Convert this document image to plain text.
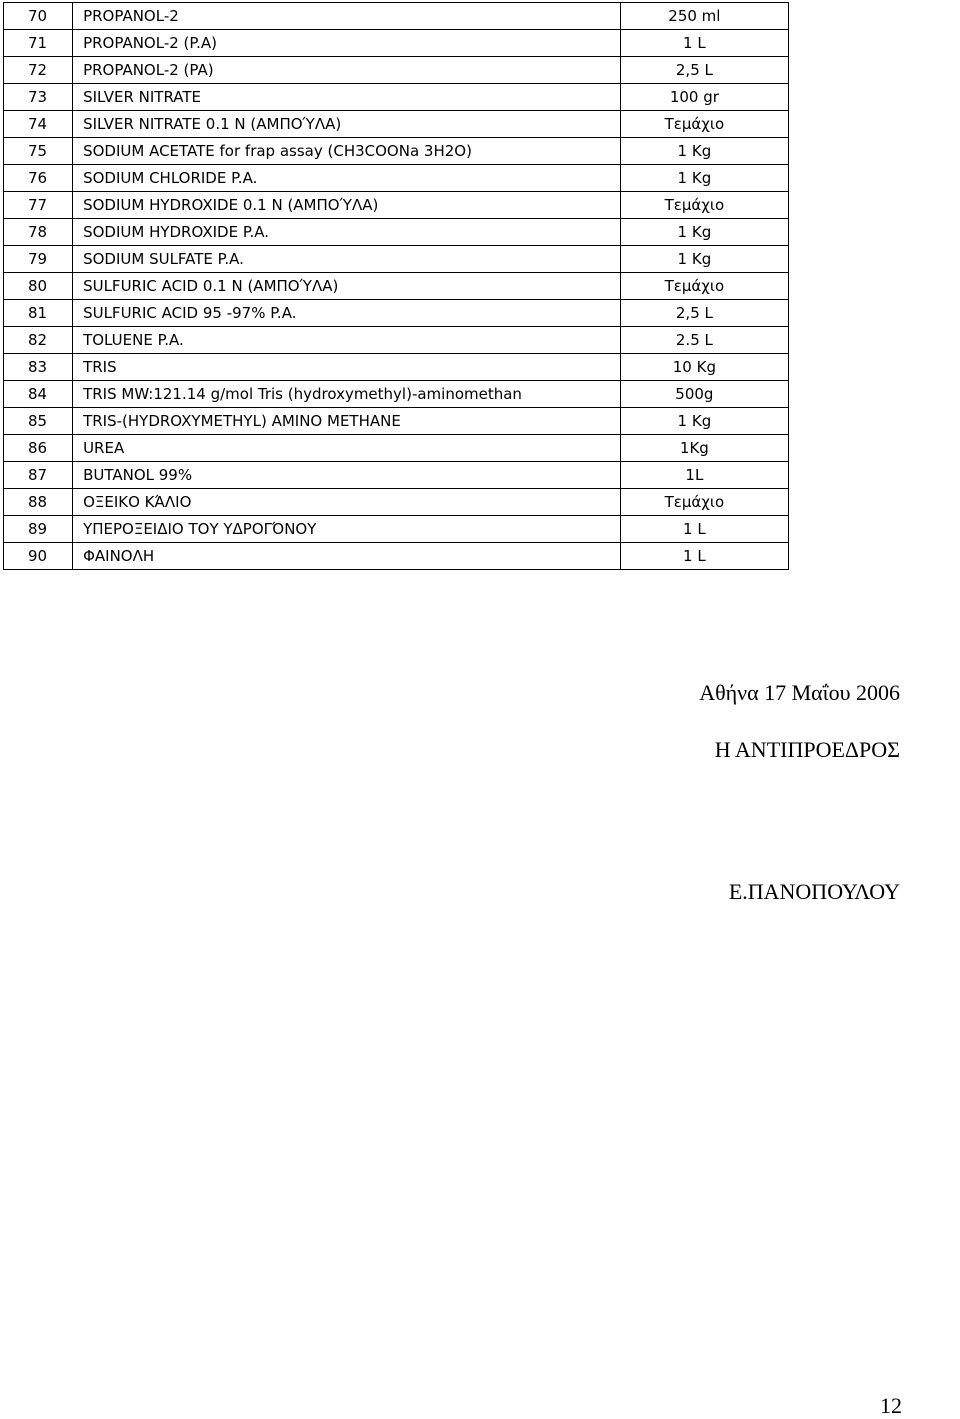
70	PROPANOL-2	250 ml
71	PROPANOL-2 (P.A)	1 L
72	PROPANOL-2 (PA)	2,5 L
73	SILVER NITRATE	100 gr
74	SILVER NITRATE 0.1 N (ΑΜΠΟΎΛΑ)	Τεμάχιο
75	SODIUM ACETATE for frap assay (CH3COONa 3H2O)	1 Kg
76	SODIUM CHLORIDE P.A.	1 Kg
77	SODIUM HYDROXIDE 0.1 N (ΑΜΠΟΎΛΑ)	Τεμάχιο
78	SODIUM HYDROXIDE P.A.	1 Kg
79	SODIUM SULFATE P.A.	1 Kg
80	SULFURIC ACID 0.1 N (ΑΜΠΟΎΛΑ)	Τεμάχιο
81	SULFURIC ACID 95 -97% P.A.	2,5 L
82	TOLUENE P.A.	2.5 L
83	TRIS	10 Kg
84	TRIS MW:121.14 g/mol Tris (hydroxymethyl)-aminomethan	500g
85	TRIS-(HYDROXYMETHYL) AMINO METHANE	1 Kg
86	UREA	1Kg
87	BUTANOL 99%	1L
88	ΟΞΕΙΚΟ ΚΆΛΙΟ	Τεμάχιο
89	ΥΠΕΡΟΞΕΙΔΙΟ ΤΟΥ ΥΔΡΟΓΌΝΟΥ	1 L
90	ΦΑΙΝΟΛΗ	1 L
Αθήνα 17 Μαΐου 2006
Η ΑΝΤΙΠΡΟΕΔΡΟΣ
Ε.ΠΑΝΟΠΟΥΛΟΥ
12
